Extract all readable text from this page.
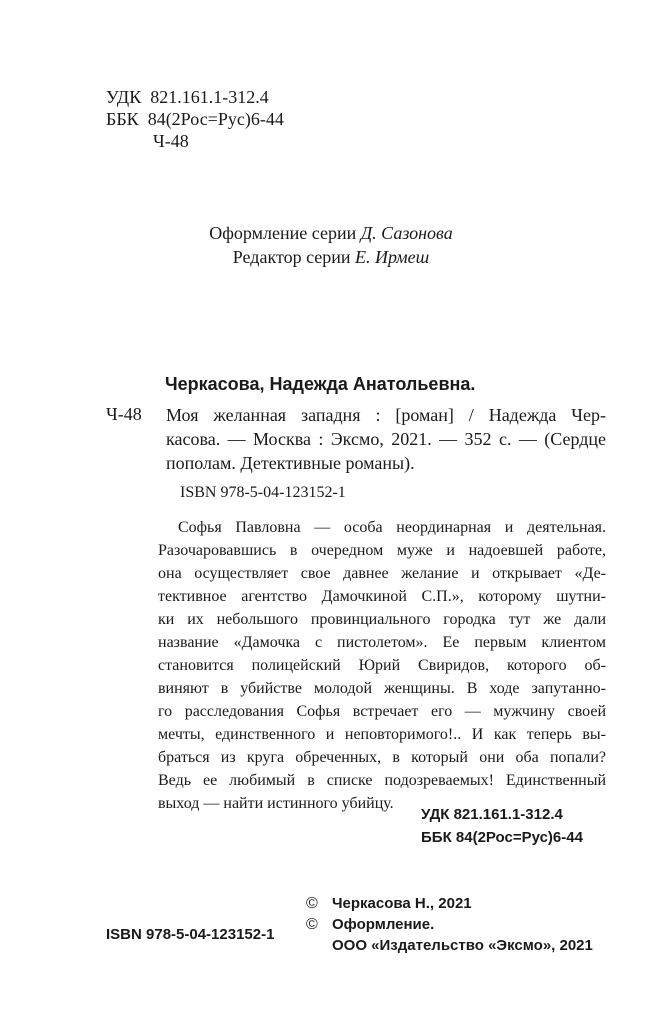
УДК 821.161.1-312.4
ББК 84(2Рос=Рус)6-44
Ч-48
Оформление серии Д. Сазонова
Редактор серии Е. Ирмеш
Черкасова, Надежда Анатольевна.
Ч-48 Моя желанная западня : [роман] / Надежда Чер-
касова. — Москва : Эксмо, 2021. — 352 с. — (Сердце
пополам. Детективные романы).
ISBN 978-5-04-123152-1
Софья Павловна — особа неординарная и деятельная.
Разочаровавшись в очередном муже и надоевшей работе,
она осуществляет свое давнее желание и открывает «Де-
тективное агентство Дамочкиной С.П.», которому шутни-
ки их небольшого провинциального городка тут же дали
название «Дамочка с пистолетом». Ее первым клиентом
становится полицейский Юрий Свиридов, которого об-
виняют в убийстве молодой женщины. В ходе запутанно-
го расследования Софья встречает его — мужчину своей
мечты, единственного и неповторимого!.. И как теперь вы-
браться из круга обреченных, в который они оба попали?
Ведь ее любимый в списке подозреваемых! Единственный
выход — найти истинного убийцу.
УДК 821.161.1-312.4
ББК 84(2Рос=Рус)6-44
© Черкасова Н., 2021
© Оформление.
ООО «Издательство «Эксмо», 2021
ISBN 978-5-04-123152-1
